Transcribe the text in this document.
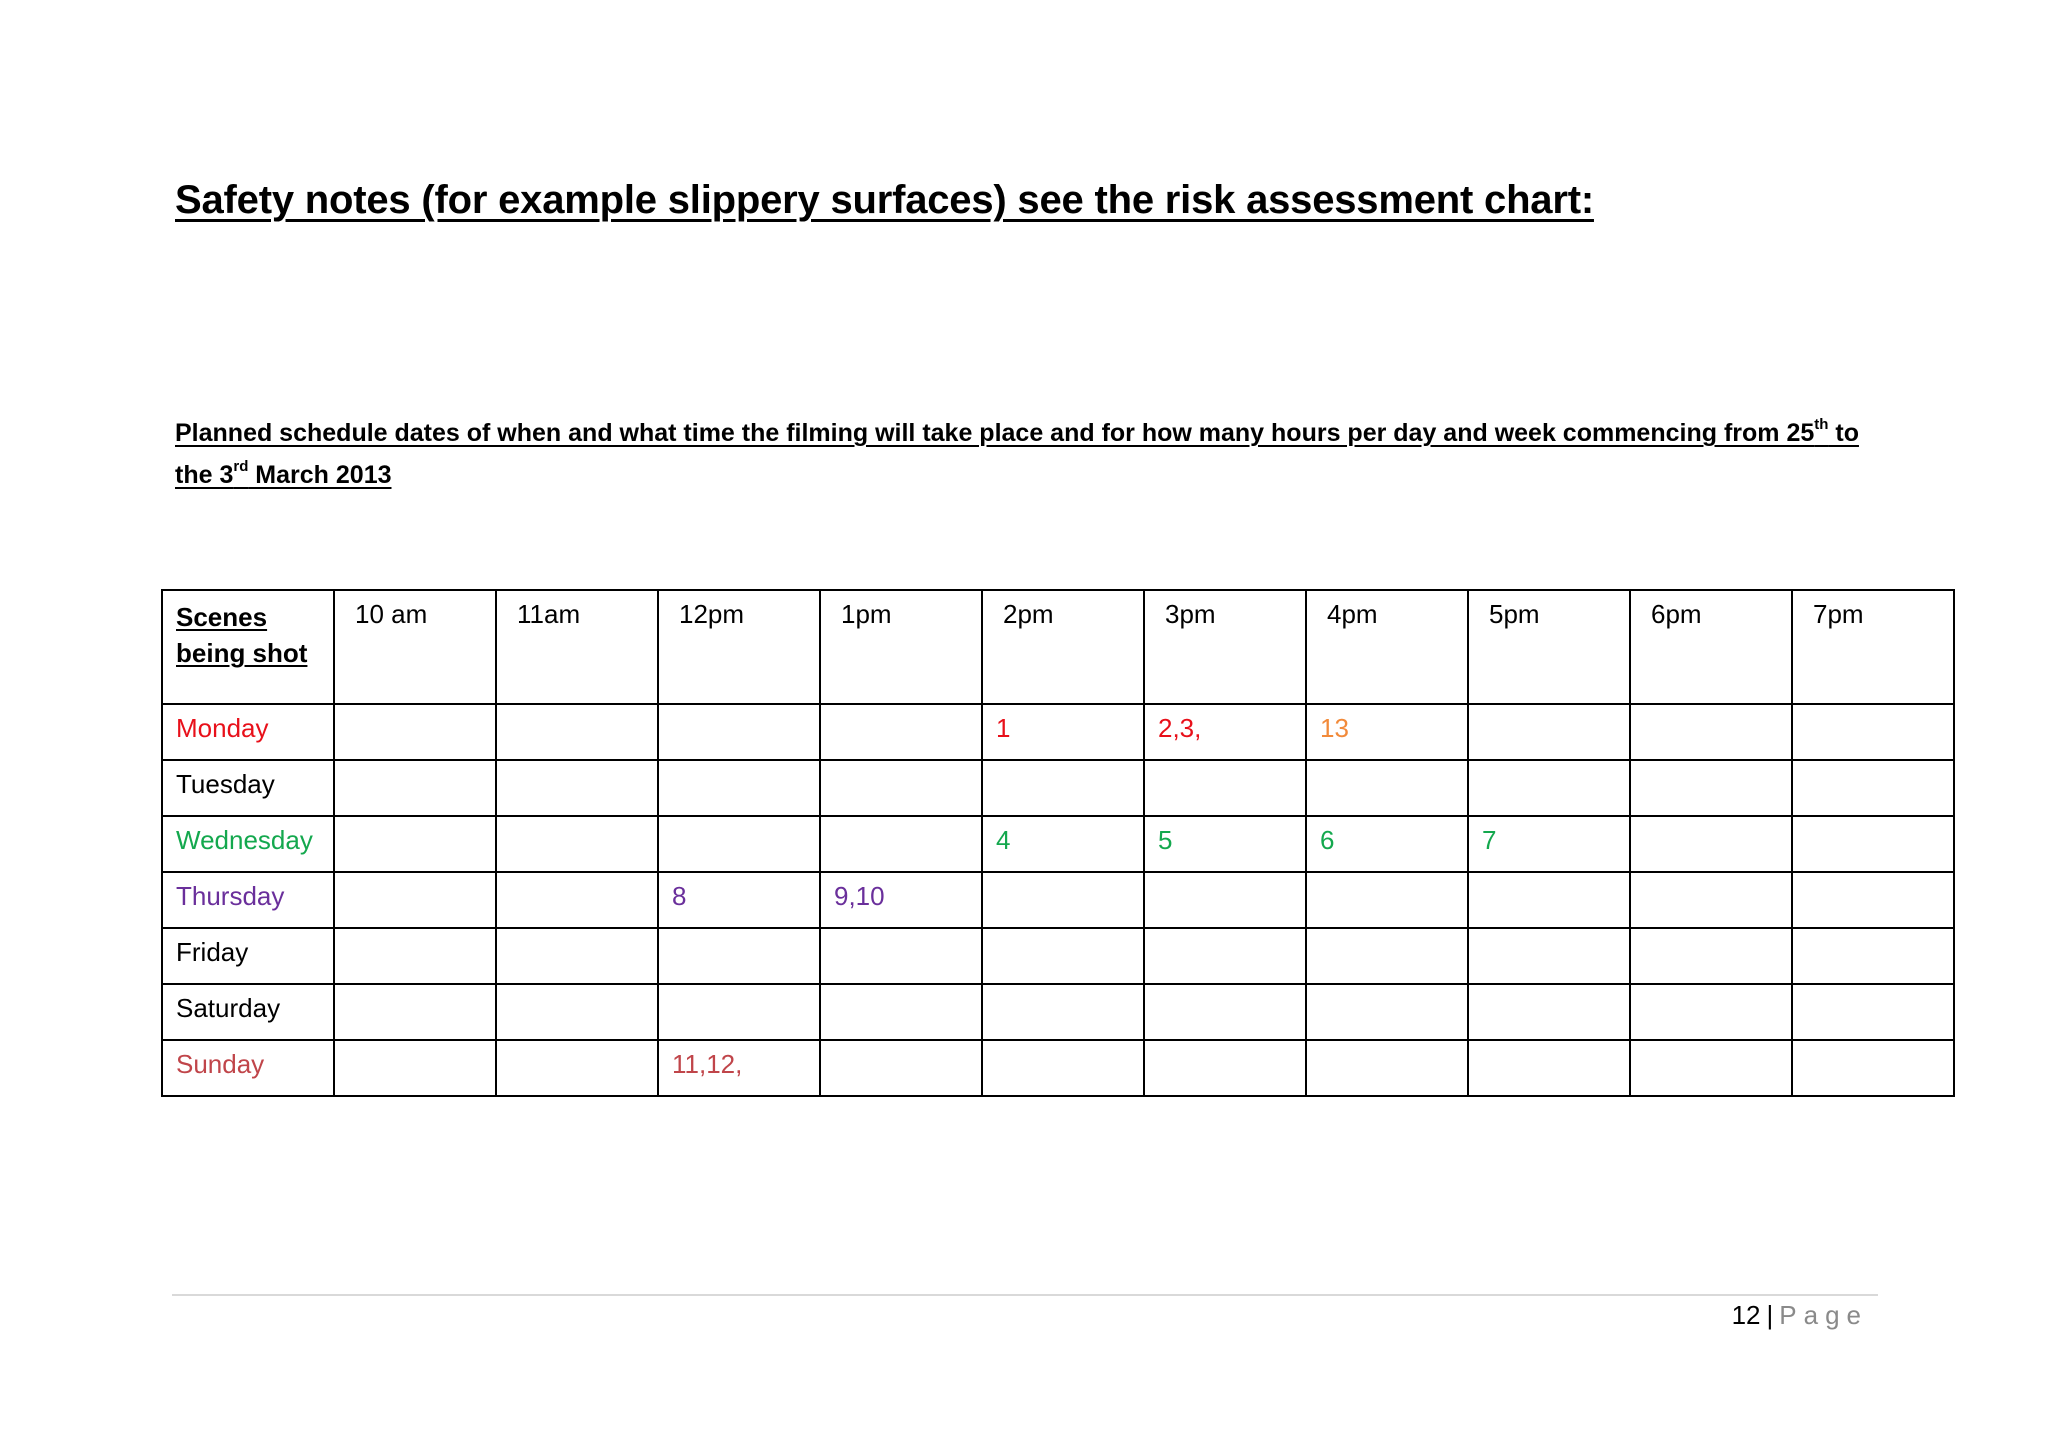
Safety notes (for example slippery surfaces) see the risk assessment chart:
Planned schedule dates of when and what time the filming will take place and for how many hours per day and week commencing from 25th to the 3rd March 2013
Scenes being shot	10 am	11am	12pm	1pm	2pm	3pm	4pm	5pm	6pm	7pm
Monday					1	2,3,	13			
Tuesday										
Wednesday					4	5	6	7		
Thursday			8	9,10						
Friday										
Saturday										
Sunday			11,12,							
12 | Page
